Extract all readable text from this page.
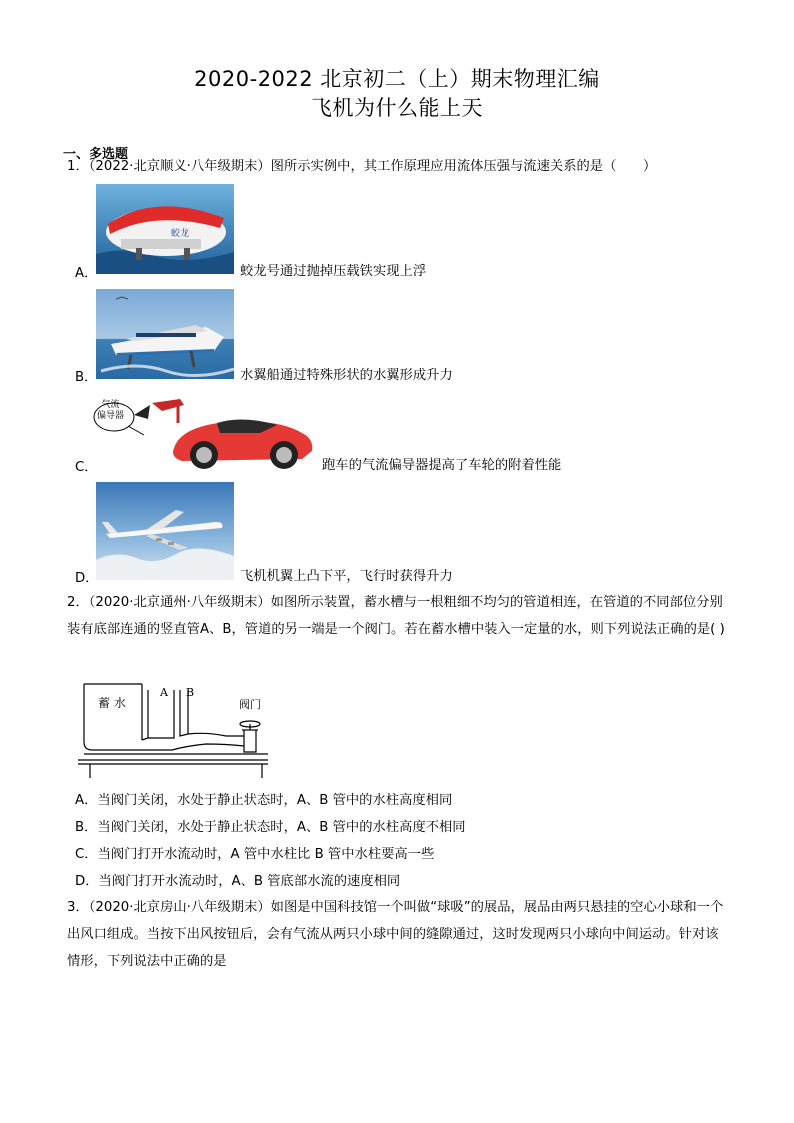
2020-2022 北京初二（上）期末物理汇编
飞机为什么能上天
一、多选题
1．（2022·北京顺义·八年级期末）图所示实例中，其工作原理应用流体压强与流速关系的是（　　）
蛟龙
A．	蛟龙号通过抛掉压载铁实现上浮
B．	水翼船通过特殊形状的水翼形成升力
气流
偏导器
C．	跑车的气流偏导器提高了车轮的附着性能
D．	飞机机翼上凸下平，飞行时获得升力
2．（2020·北京通州·八年级期末）如图所示装置，蓄水槽与一根粗细不均匀的管道相连，在管道的不同部位分别装有底部连通的竖直管A、B，管道的另一端是一个阀门。若在蓄水槽中装入一定量的水，则下列说法正确的是( )
蓄 水
A B
阀门
A．当阀门关闭，水处于静止状态时，A、B 管中的水柱高度相同
B．当阀门关闭，水处于静止状态时，A、B 管中的水柱高度不相同
C．当阀门打开水流动时，A 管中水柱比 B 管中水柱要高一些
D．当阀门打开水流动时，A、B 管底部水流的速度相同
3．（2020·北京房山·八年级期末）如图是中国科技馆一个叫做“球吸”的展品，展品由两只悬挂的空心小球和一个出风口组成。当按下出风按钮后，会有气流从两只小球中间的缝隙通过，这时发现两只小球向中间运动。针对该情形，下列说法中正确的是
